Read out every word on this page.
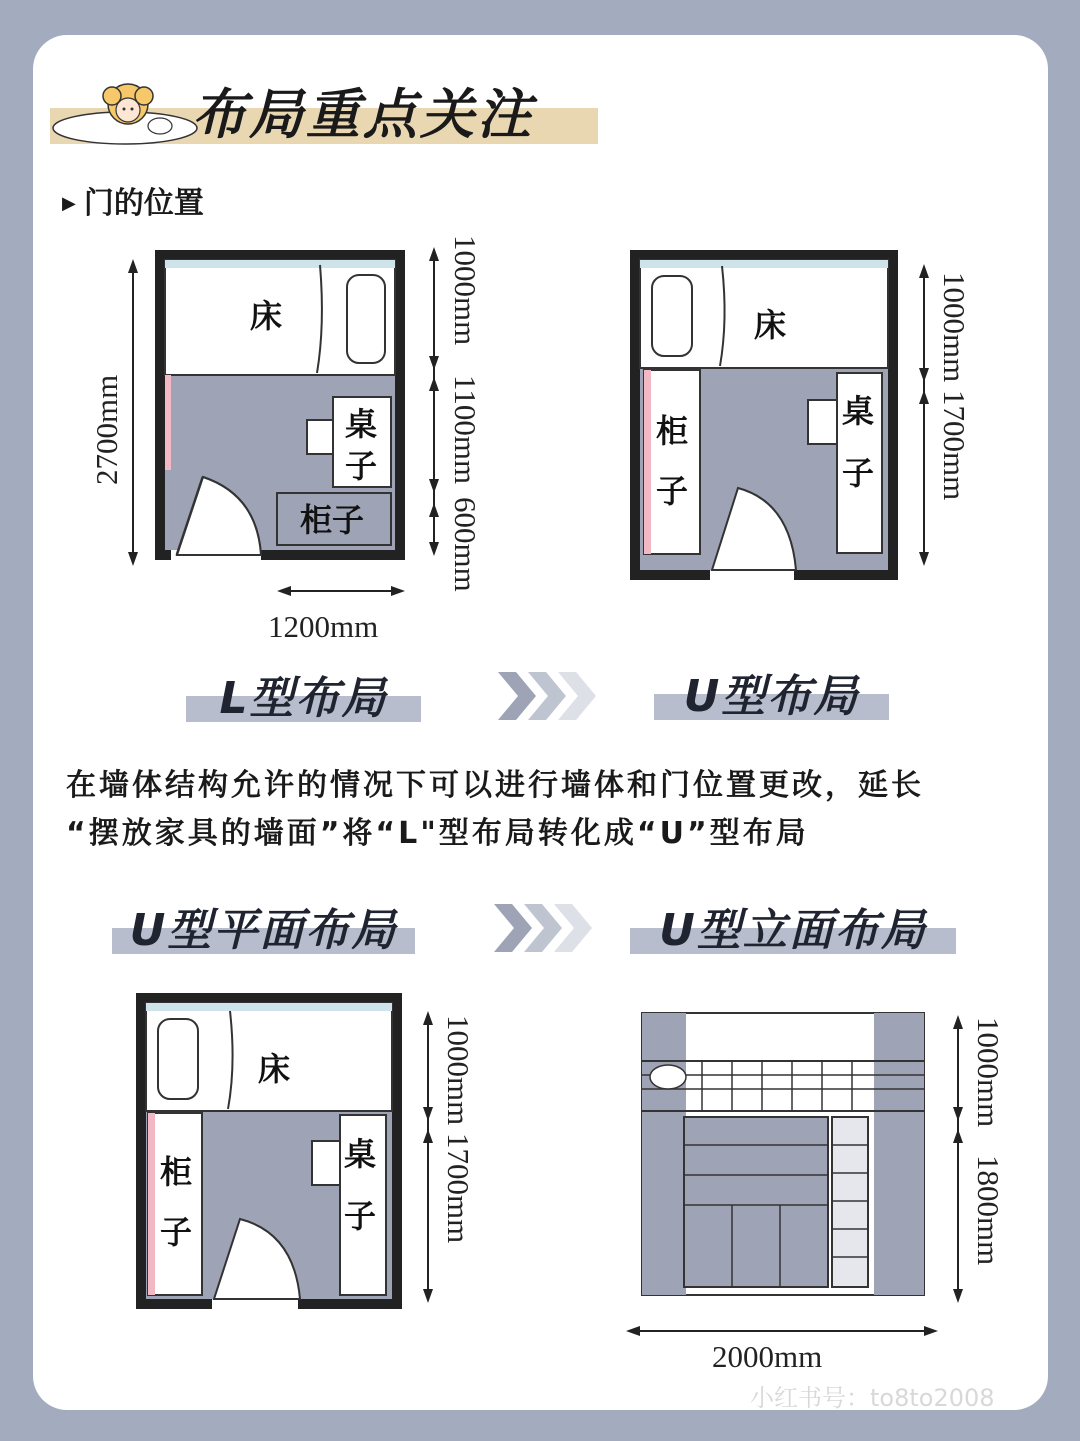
布局重点关注
▶ 门的位置
床
桌
子
柜子
2700mm
1200mm
1000mm
1100mm
600mm
床
柜
子
桌
子
1000mm
1700mm
L型布局	U型布局
在墙体结构允许的情况下可以进行墙体和门位置更改，延长
“摆放家具的墙面”将“L"型布局转化成“U”型布局
U型平面布局	U型立面布局
床
柜
子
桌
子
1000mm
1700mm
1000mm
1800mm
2000mm
小红书号：to8to2008
